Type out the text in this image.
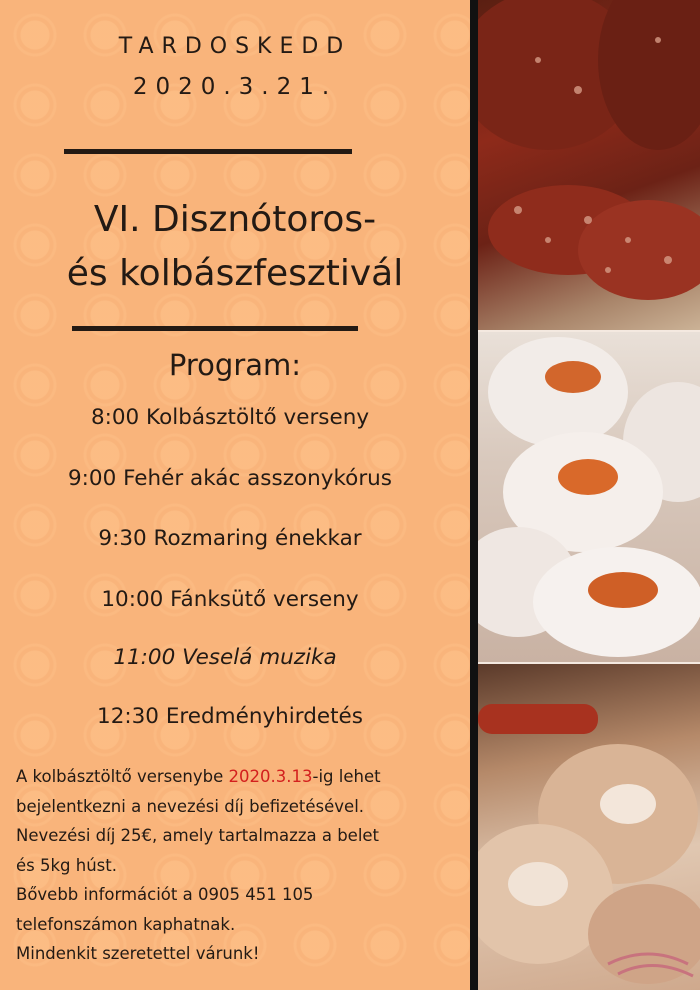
TARDOSKEDD
2020.3.21.
VI. Disznótoros-
és kolbászfesztivál
Program:
8:00 Kolbásztöltő verseny
9:00 Fehér akác asszonykórus
9:30 Rozmaring énekkar
10:00 Fánksütő verseny
11:00 Veselá muzika
12:30 Eredményhirdetés
A kolbásztöltő versenybe 2020.3.13-ig lehet
bejelentkezni a nevezési díj befizetésével.
Nevezési díj 25€, amely tartalmazza a belet
és 5kg húst.
Bővebb információt a 0905 451 105
telefonszámon kaphatnak.
Mindenkit szeretettel várunk!
